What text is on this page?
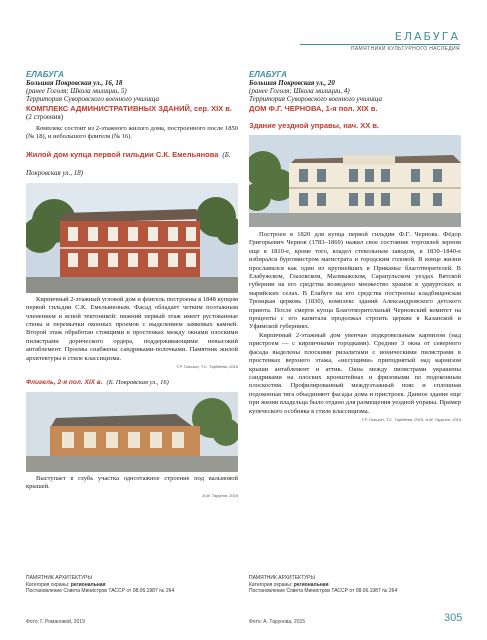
ЕЛАБУГА
ПАМЯТНИКИ КУЛЬТУРНОГО НАСЛЕДИЯ
ЕЛАБУГА
Большая Покровская ул., 16, 18
(ранее Гоголя; Школа милиции, 5)
Территория Суворовского военного училища
КОМПЛЕКС АДМИНИСТРАТИВНЫХ ЗДАНИЙ, сер. XIX в.
(2 строения)

Комплекс состоит из 2-этажного жилого дома, построенного после 1850 (№ 18), и небольшого флигеля (№ 16).

Жилой дом купца первой гильдии С.К. Емельянова (Б. Покровская ул., 18)

Кирпичный 2-этажный угловой дом и флигель построены в 1848 купцом первой гильдии С.К. Емельяновым. Фасад обладает четким поэтажным членением и ясной тектоникой: нижний первый этаж имеет рустованные стены и перемычки оконных проемов с выделением замковых камней. Второй этаж обработан стоящими в простенках между окнами плоскими пилястрами дорического ордера, поддерживающими невысокий антаблемент. Проемы снабжены сандриками-полочками. Памятник жилой архитектуры в стиле классицизма.

Т.Р. Гильзин, Т.С. Тарбеева, 2019
Флигель, 2-я пол. XIX в. (Б. Покровская ул., 16)

Выступает в глубь участка одноэтажное строение под вальмовой крышей.

А.М. Тарунов, 2019
ПАМЯТНИК АРХИТЕКТУРЫ
Категория охраны: региональная
Постановление Совета Министров ТАССР от 08.06.1987 № 264
Фото: Г. Романовой, 2019
ЕЛАБУГА
Большая Покровская ул., 20
(ранее Гоголя; Школа милиции, 4)
Территория Суворовского военного училища
ДОМ Ф.Г. ЧЕРНОВА, 1-я пол. XIX в.
Здание уездной управы, нач. XX в.

Построен в 1820 для купца первой гильдии Ф.Г. Чернова. Фёдор Григорьевич Чернов (1783–1869) нажил свое состояние торговлей зерном еще в 1810-е, кроме того, владел стекольным заводом, в 1830–1840-е избирался бургомистром магистрата и городским головой. В конце жизни прославился как один из крупнейших в Прикамье благотворителей. В Елабужском, Глазовском, Малмыжском, Сарапульском уездах Вятской губернии на его средства возведено множество храмов в удмуртских и марийских селах. В Елабуге на его средства построены кладбищенская Троицкая церковь (1830), комплекс зданий Александровского детского приюта. После смерти купца Благотворительный Черновский комитет на проценты с его капитала продолжал строить церкви в Казанской и Уфимской губерниях.

Кирпичный 2-этажный дом увенчан подкровельным карнизом (над пристроем — с кирпичными городками). Средние 3 окна от северного фасада выделены плоскими ризалитами с ионическими пилястрами в простенках верхнего этажа, «несущими» приподнятый над карнизом крыши антаблемент и аттик. Окна между пилястрами украшены сандриками на плоских кронштейнах и фризовыми по подоконным плоскостям. Профилированный междуэтажный пояс и сплошная подоконная тяга объединяют фасады дома и пристроек. Данное здание еще при жизни владельца было отдано для размещения уездной управы. Пример купеческого особняка в стиле классицизма.

Т.Р. Гильзин, Т.С. Тарбеева, 2019, А.М. Тарунов, 2019
ПАМЯТНИК АРХИТЕКТУРЫ
Категория охраны: региональная
Постановление Совета Министров ТАССР от 08.06.1987 № 264
Фото: А. Тарунова, 2015	305
